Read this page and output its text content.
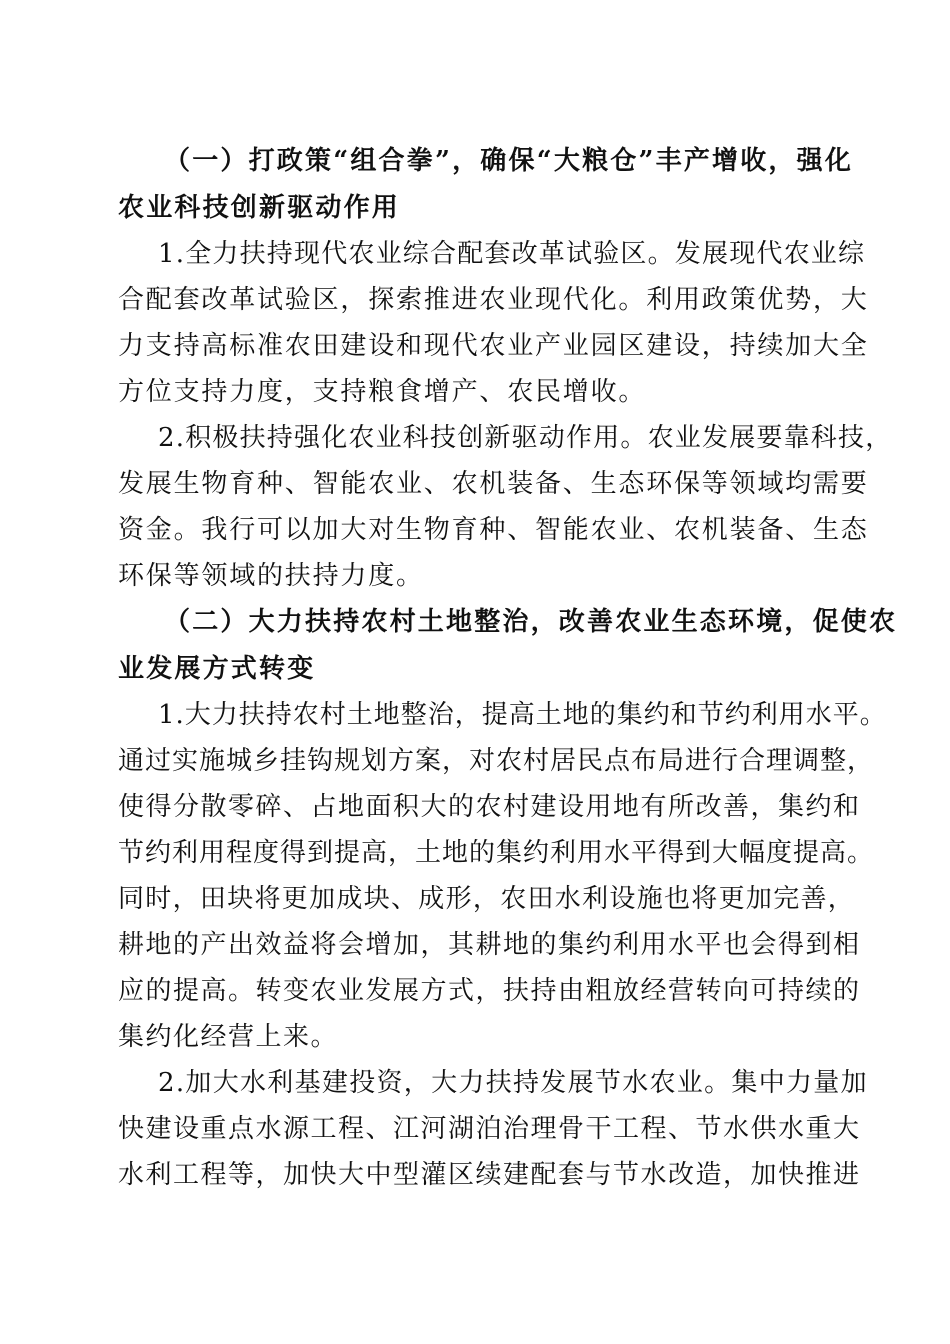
（一）打政策“组合拳”，确保“大粮仓”丰产增收，强化
农业科技创新驱动作用
1.全力扶持现代农业综合配套改革试验区。发展现代农业综
合配套改革试验区，探索推进农业现代化。利用政策优势，大
力支持高标准农田建设和现代农业产业园区建设，持续加大全
方位支持力度，支持粮食增产、农民增收。
2.积极扶持强化农业科技创新驱动作用。农业发展要靠科技，
发展生物育种、智能农业、农机装备、生态环保等领域均需要
资金。我行可以加大对生物育种、智能农业、农机装备、生态
环保等领域的扶持力度。
（二）大力扶持农村土地整治，改善农业生态环境，促使农
业发展方式转变
1.大力扶持农村土地整治，提高土地的集约和节约利用水平。
通过实施城乡挂钩规划方案，对农村居民点布局进行合理调整，
使得分散零碎、占地面积大的农村建设用地有所改善，集约和
节约利用程度得到提高，土地的集约利用水平得到大幅度提高。
同时，田块将更加成块、成形，农田水利设施也将更加完善，
耕地的产出效益将会增加，其耕地的集约利用水平也会得到相
应的提高。转变农业发展方式，扶持由粗放经营转向可持续的
集约化经营上来。
2.加大水利基建投资，大力扶持发展节水农业。集中力量加
快建设重点水源工程、江河湖泊治理骨干工程、节水供水重大
水利工程等，加快大中型灌区续建配套与节水改造，加快推进
